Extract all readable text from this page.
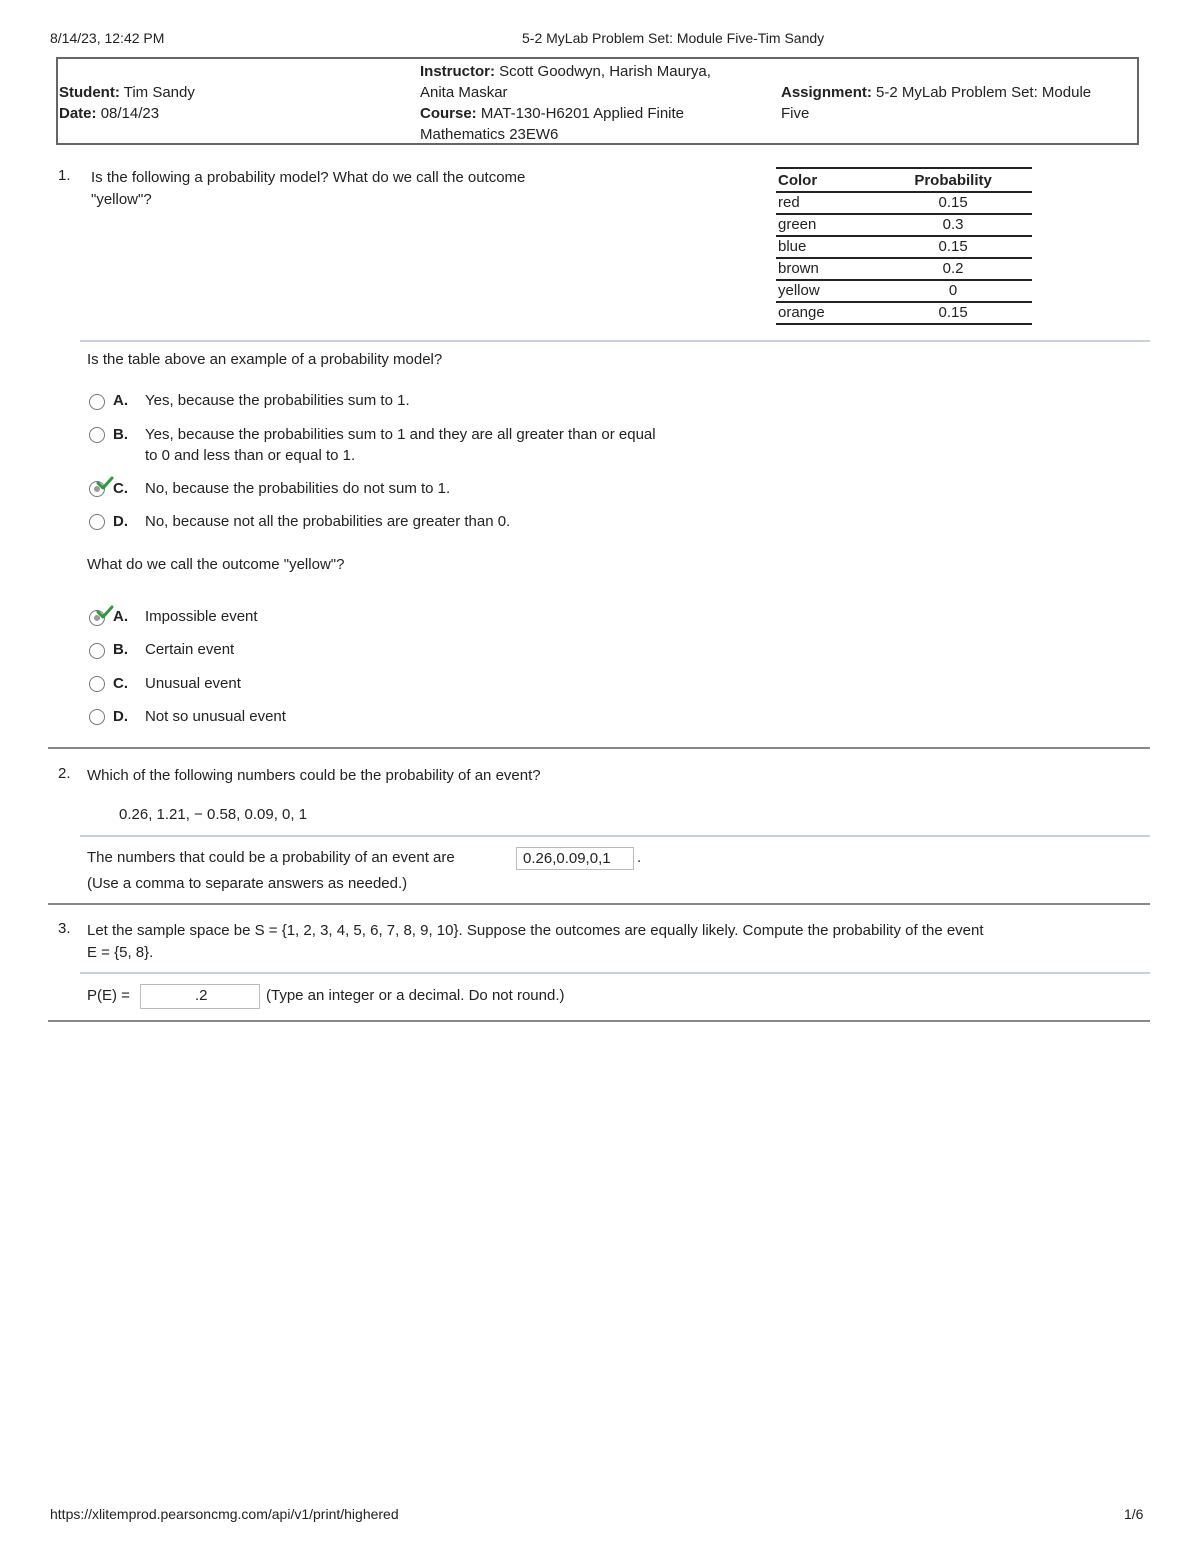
8/14/23, 12:42 PM	5-2 MyLab Problem Set: Module Five-Tim Sandy
Student: Tim Sandy
Date: 08/14/23
Instructor: Scott Goodwyn, Harish Maurya,
Anita Maskar
Course: MAT-130-H6201 Applied Finite
Mathematics 23EW6
Assignment: 5-2 MyLab Problem Set: Module
Five
1. Is the following a probability model? What do we call the outcome
"yellow"?
Color	Probability
red	0.15
green	0.3
blue	0.15
brown	0.2
yellow	0
orange	0.15
Is the table above an example of a probability model?
A. Yes, because the probabilities sum to 1.
B. Yes, because the probabilities sum to 1 and they are all greater than or equal
to 0 and less than or equal to 1.
C. No, because the probabilities do not sum to 1.
D. No, because not all the probabilities are greater than 0.
What do we call the outcome "yellow"?
A. Impossible event
B. Certain event
C. Unusual event
D. Not so unusual event
2. Which of the following numbers could be the probability of an event?
0.26, 1.21, − 0.58, 0.09, 0, 1
The numbers that could be a probability of an event are	0.26,0.09,0,1	.
(Use a comma to separate answers as needed.)
3. Let the sample space be S = {1, 2, 3, 4, 5, 6, 7, 8, 9, 10}. Suppose the outcomes are equally likely. Compute the probability of the event
E = {5, 8}.
P(E) =	.2	(Type an integer or a decimal. Do not round.)
https://xlitemprod.pearsoncmg.com/api/v1/print/highered	1/6
